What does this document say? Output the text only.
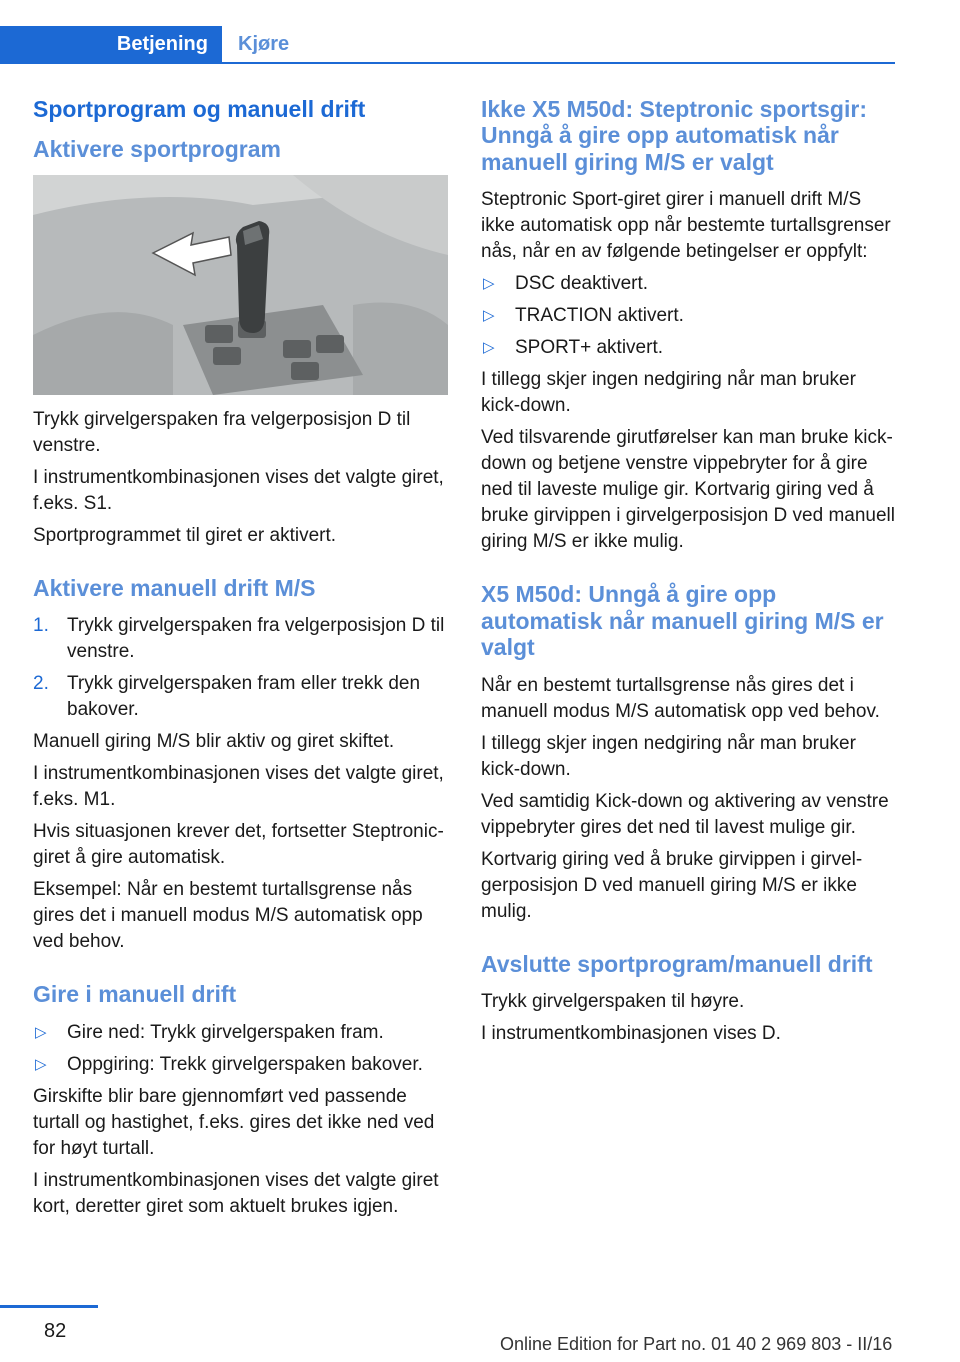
Betjening	Kjøre
Sportprogram og manuell drift
Aktivere sportprogram

Trykk girvelgerspaken fra velgerposisjon D til venstre.

I instrumentkombinasjonen vises det valgte giret, f.eks. S1.

Sportprogrammet til giret er aktivert.

Aktivere manuell drift M/S
1. Trykk girvelgerspaken fra velgerposisjon D til venstre.
2. Trykk girvelgerspaken fram eller trekk den bakover.

Manuell giring M/S blir aktiv og giret skiftet.

I instrumentkombinasjonen vises det valgte giret, f.eks. M1.

Hvis situasjonen krever det, fortsetter Steptronic-giret å gire automatisk.

Eksempel: Når en bestemt turtallsgrense nås gires det i manuell modus M/S automatisk opp ved behov.

Gire i manuell drift
▷ Gire ned: Trykk girvelgerspaken fram.
▷ Oppgiring: Trekk girvelgerspaken bakover.

Girskifte blir bare gjennomført ved passende turtall og hastighet, f.eks. gires det ikke ned ved for høyt turtall.

I instrumentkombinasjonen vises det valgte giret kort, deretter giret som aktuelt brukes igjen.

Ikke X5 M50d: Steptronic sportsgir: Unngå å gire opp automatisk når manuell giring M/S er valgt

Steptronic Sport-giret girer i manuell drift M/S ikke automatisk opp når bestemte turtallsgrenser nås, når en av følgende betingelser er oppfylt:

▷ DSC deaktivert.
▷ TRACTION aktivert.
▷ SPORT+ aktivert.

I tillegg skjer ingen nedgiring når man bruker kick-down.

Ved tilsvarende girutførelser kan man bruke kick-down og betjene venstre vippebryter for å gire ned til laveste mulige gir. Kortvarig giring ved å bruke girvippen i girvelgerposisjon D ved manuell giring M/S er ikke mulig.

X5 M50d: Unngå å gire opp automatisk når manuell giring M/S er valgt

Når en bestemt turtallsgrense nås gires det i manuell modus M/S automatisk opp ved behov.

I tillegg skjer ingen nedgiring når man bruker kick-down.

Ved samtidig Kick-down og aktivering av venstre vippebryter gires det ned til lavest mulige gir.

Kortvarig giring ved å bruke girvippen i girvelgerposisjon D ved manuell giring M/S er ikke mulig.

Avslutte sportprogram/manuell drift

Trykk girvelgerspaken til høyre.

I instrumentkombinasjonen vises D.

82
Online Edition for Part no. 01 40 2 969 803 - II/16
